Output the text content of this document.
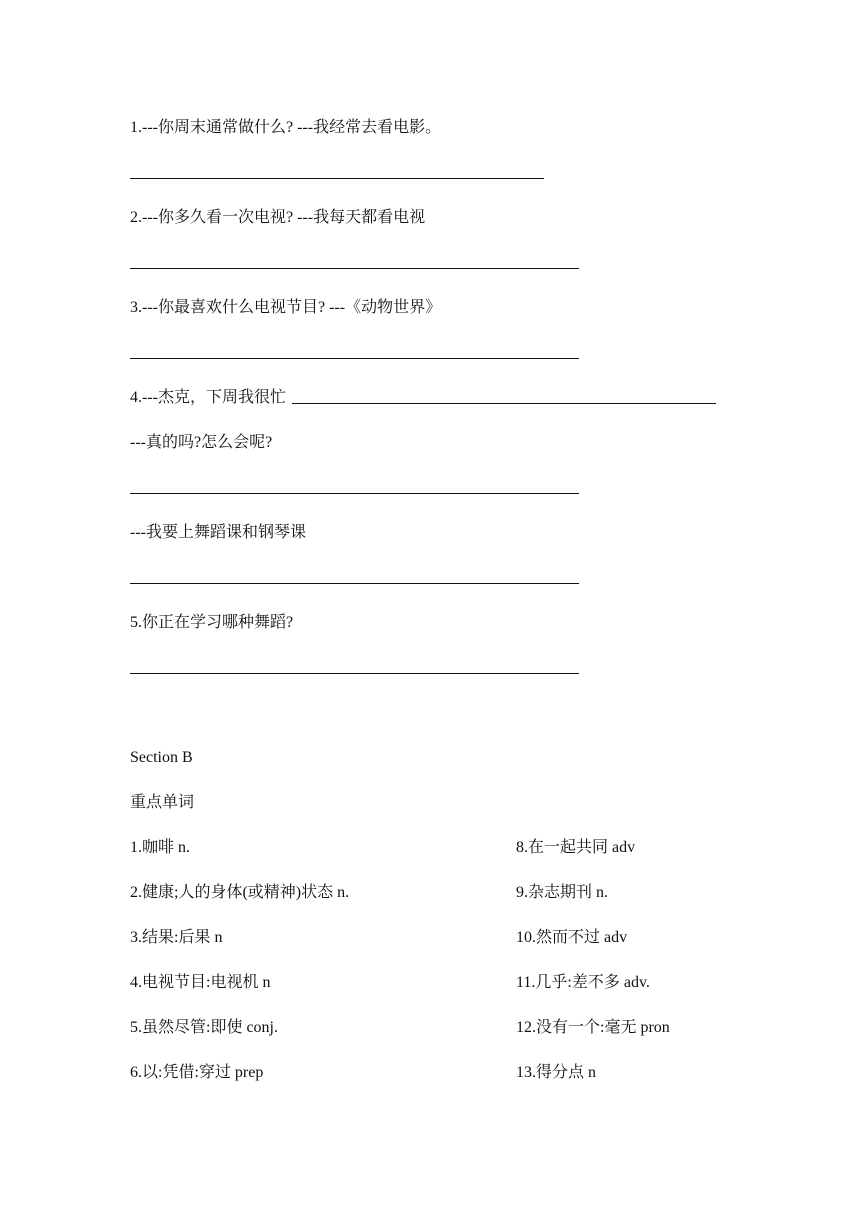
1.---你周末通常做什么? ---我经常去看电影。
2.---你多久看一次电视? ---我每天都看电视
3.---你最喜欢什么电视节目? ---《动物世界》
4.---杰克，下周我很忙
---真的吗?怎么会呢?
---我要上舞蹈课和钢琴课
5.你正在学习哪种舞蹈?
Section B
重点单词
1.咖啡 n.
2.健康;人的身体(或精神)状态 n.
3.结果:后果 n
4.电视节目:电视机 n
5.虽然尽管:即使 conj.
6.以:凭借:穿过 prep
8.在一起共同 adv
9.杂志期刊 n.
10.然而不过 adv
11.几乎:差不多 adv.
12.没有一个:毫无 pron
13.得分点 n
